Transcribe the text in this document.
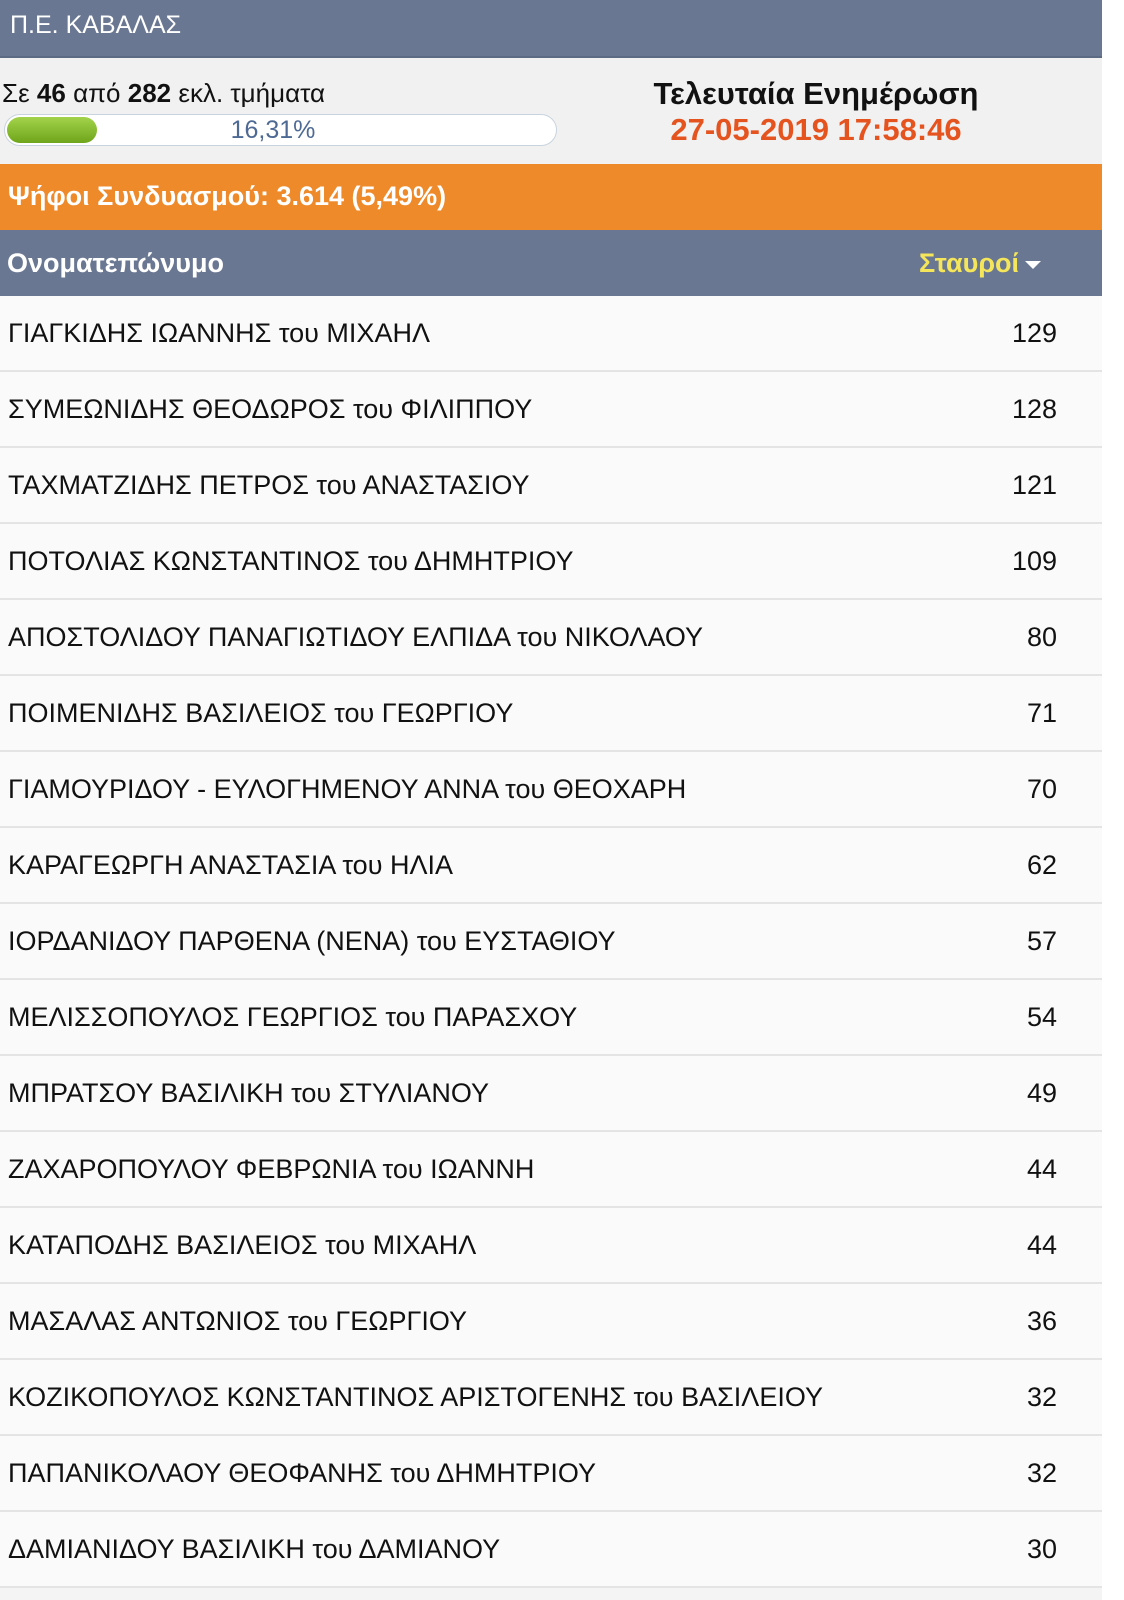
Π.Ε. ΚΑΒΑΛΑΣ
Σε 46 από 282 εκλ. τμήματα
16,31%
Τελευταία Ενημέρωση
27-05-2019 17:58:46
Ψήφοι Συνδυασμού: 3.614 (5,49%)
Ονοματεπώνυμο	Σταυροί
ΓΙΑΓΚΙΔΗΣ ΙΩΑΝΝΗΣ του ΜΙΧΑΗΛ	129
ΣΥΜΕΩΝΙΔΗΣ ΘΕΟΔΩΡΟΣ του ΦΙΛΙΠΠΟΥ	128
ΤΑΧΜΑΤΖΙΔΗΣ ΠΕΤΡΟΣ του ΑΝΑΣΤΑΣΙΟΥ	121
ΠΟΤΟΛΙΑΣ ΚΩΝΣΤΑΝΤΙΝΟΣ του ΔΗΜΗΤΡΙΟΥ	109
ΑΠΟΣΤΟΛΙΔΟΥ ΠΑΝΑΓΙΩΤΙΔΟΥ ΕΛΠΙΔΑ του ΝΙΚΟΛΑΟΥ	80
ΠΟΙΜΕΝΙΔΗΣ ΒΑΣΙΛΕΙΟΣ του ΓΕΩΡΓΙΟΥ	71
ΓΙΑΜΟΥΡΙΔΟΥ - ΕΥΛΟΓΗΜΕΝΟΥ ΑΝΝΑ του ΘΕΟΧΑΡΗ	70
ΚΑΡΑΓΕΩΡΓΗ ΑΝΑΣΤΑΣΙΑ του ΗΛΙΑ	62
ΙΟΡΔΑΝΙΔΟΥ ΠΑΡΘΕΝΑ (ΝΕΝΑ) του ΕΥΣΤΑΘΙΟΥ	57
ΜΕΛΙΣΣΟΠΟΥΛΟΣ ΓΕΩΡΓΙΟΣ του ΠΑΡΑΣΧΟΥ	54
ΜΠΡΑΤΣΟΥ ΒΑΣΙΛΙΚΗ του ΣΤΥΛΙΑΝΟΥ	49
ΖΑΧΑΡΟΠΟΥΛΟΥ ΦΕΒΡΩΝΙΑ του ΙΩΑΝΝΗ	44
ΚΑΤΑΠΟΔΗΣ ΒΑΣΙΛΕΙΟΣ του ΜΙΧΑΗΛ	44
ΜΑΣΑΛΑΣ ΑΝΤΩΝΙΟΣ του ΓΕΩΡΓΙΟΥ	36
ΚΟΖΙΚΟΠΟΥΛΟΣ ΚΩΝΣΤΑΝΤΙΝΟΣ ΑΡΙΣΤΟΓΕΝΗΣ του ΒΑΣΙΛΕΙΟΥ	32
ΠΑΠΑΝΙΚΟΛΑΟΥ ΘΕΟΦΑΝΗΣ του ΔΗΜΗΤΡΙΟΥ	32
ΔΑΜΙΑΝΙΔΟΥ ΒΑΣΙΛΙΚΗ του ΔΑΜΙΑΝΟΥ	30
